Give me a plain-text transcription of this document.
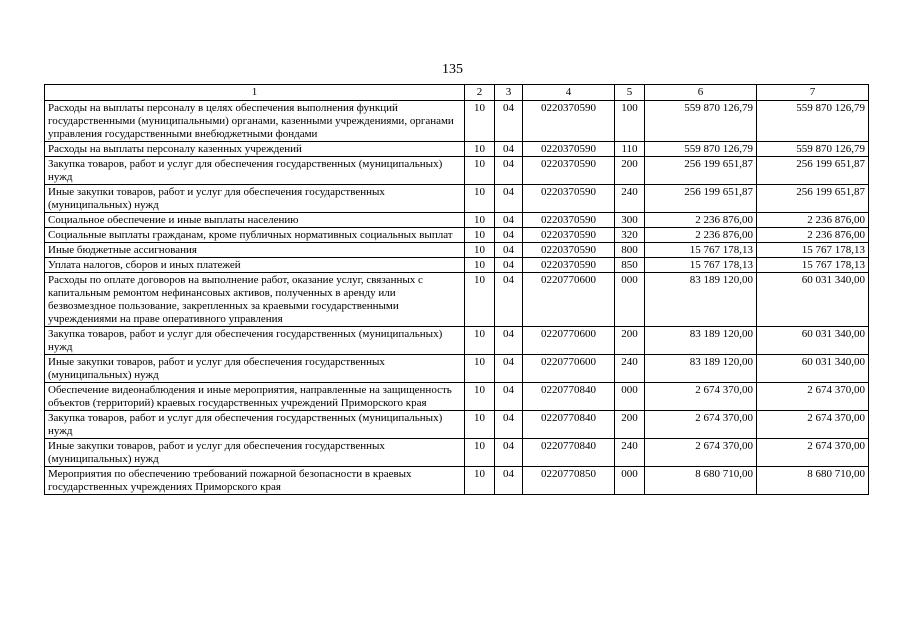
135
1	2	3	4	5	6	7
Расходы на выплаты персоналу в целях обеспечения выполнения функций государственными (муниципальными) органами, казенными учреждениями, органами управления государственными внебюджетными фондами	10	04	0220370590	100	559 870 126,79	559 870 126,79
Расходы на выплаты персоналу казенных учреждений	10	04	0220370590	110	559 870 126,79	559 870 126,79
Закупка товаров, работ и услуг для обеспечения государственных (муниципальных) нужд	10	04	0220370590	200	256 199 651,87	256 199 651,87
Иные закупки товаров, работ и услуг для обеспечения государственных (муниципальных) нужд	10	04	0220370590	240	256 199 651,87	256 199 651,87
Социальное обеспечение и иные выплаты населению	10	04	0220370590	300	2 236 876,00	2 236 876,00
Социальные выплаты гражданам, кроме публичных нормативных социальных выплат	10	04	0220370590	320	2 236 876,00	2 236 876,00
Иные бюджетные ассигнования	10	04	0220370590	800	15 767 178,13	15 767 178,13
Уплата налогов, сборов и иных платежей	10	04	0220370590	850	15 767 178,13	15 767 178,13
Расходы по оплате договоров на выполнение работ, оказание услуг, связанных с капитальным ремонтом нефинансовых активов, полученных в аренду или безвозмездное пользование, закрепленных за краевыми государственными учреждениями на праве оперативного управления	10	04	0220770600	000	83 189 120,00	60 031 340,00
Закупка товаров, работ и услуг для обеспечения государственных (муниципальных) нужд	10	04	0220770600	200	83 189 120,00	60 031 340,00
Иные закупки товаров, работ и услуг для обеспечения государственных (муниципальных) нужд	10	04	0220770600	240	83 189 120,00	60 031 340,00
Обеспечение видеонаблюдения и иные мероприятия, направленные на защищенность объектов (территорий) краевых государственных учреждений Приморского края	10	04	0220770840	000	2 674 370,00	2 674 370,00
Закупка товаров, работ и услуг для обеспечения государственных (муниципальных) нужд	10	04	0220770840	200	2 674 370,00	2 674 370,00
Иные закупки товаров, работ и услуг для обеспечения государственных (муниципальных) нужд	10	04	0220770840	240	2 674 370,00	2 674 370,00
Мероприятия по обеспечению требований пожарной безопасности в краевых государственных учреждениях Приморского края	10	04	0220770850	000	8 680 710,00	8 680 710,00
